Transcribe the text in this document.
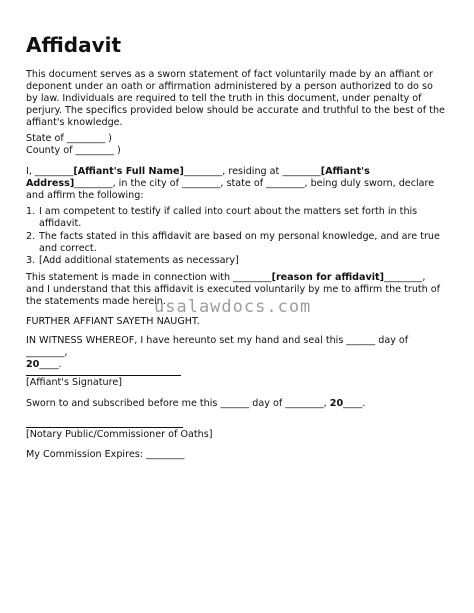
Affidavit

This document serves as a sworn statement of fact voluntarily made by an affiant or deponent under an oath or affirmation administered by a person authorized to do so by law. Individuals are required to tell the truth in this document, under penalty of perjury. The specifics provided below should be accurate and truthful to the best of the affiant's knowledge.

State of ________ )

County of ________ )

I, ________[Affiant's Full Name]________, residing at ________[Affiant's Address]________, in the city of ________, state of ________, being duly sworn, declare and affirm the following:

1. I am competent to testify if called into court about the matters set forth in this affidavit.
2. The facts stated in this affidavit are based on my personal knowledge, and are true and correct.
3. [Add additional statements as necessary]

This statement is made in connection with ________[reason for affidavit]________, and I understand that this affidavit is executed voluntarily by me to affirm the truth of the statements made herein.

usalawdocs.com

FURTHER AFFIANT SAYETH NAUGHT.

IN WITNESS WHEREOF, I have hereunto set my hand and seal this ______ day of ________,
20____.

[Affiant's Signature]

Sworn to and subscribed before me this ______ day of ________, 20____.

[Notary Public/Commissioner of Oaths]

My Commission Expires: ________
